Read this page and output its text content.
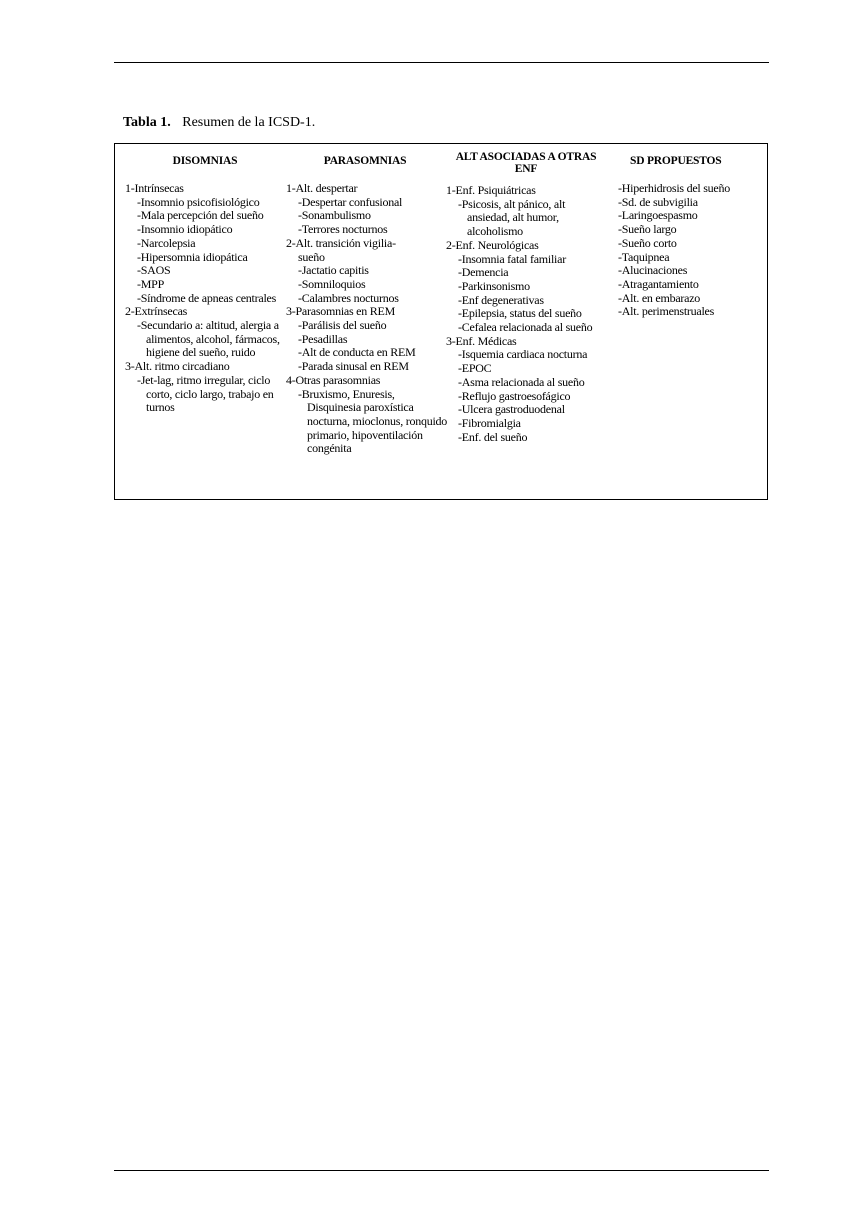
Tabla 1. Resumen de la ICSD-1.
DISOMNIAS
1-Intrínsecas
-Insomnio psicofisiológico
-Mala percepción del sueño
-Insomnio idiopático
-Narcolepsia
-Hipersomnia idiopática
-SAOS
-MPP
-Síndrome de apneas centrales
2-Extrínsecas
-Secundario a: altitud, alergia a alimentos, alcohol, fármacos, higiene del sueño, ruido
3-Alt. ritmo circadiano
-Jet-lag, ritmo irregular, ciclo corto, ciclo largo, trabajo en turnos
PARASOMNIAS
1-Alt. despertar
-Despertar confusional
-Sonambulismo
-Terrores nocturnos
2-Alt. transición vigilia-sueño
-Jactatio capitis
-Somniloquios
-Calambres nocturnos
3-Parasomnias en REM
-Parálisis del sueño
-Pesadillas
-Alt de conducta en REM
-Parada sinusal en REM
4-Otras parasomnias
-Bruxismo, Enuresis, Disquinesia paroxística nocturna, mioclonus, ronquido primario, hipoventilación congénita
ALT ASOCIADAS A OTRAS ENF
1-Enf. Psiquiátricas
-Psicosis, alt pánico, alt ansiedad, alt humor, alcoholismo
2-Enf. Neurológicas
-Insomnia fatal familiar
-Demencia
-Parkinsonismo
-Enf degenerativas
-Epilepsia, status del sueño
-Cefalea relacionada al sueño
3-Enf. Médicas
-Isquemia cardiaca nocturna
-EPOC
-Asma relacionada al sueño
-Reflujo gastroesofágico
-Ulcera gastroduodenal
-Fibromialgia
-Enf. del sueño
SD PROPUESTOS
-Hiperhidrosis del sueño
-Sd. de subvigilia
-Laringoespasmo
-Sueño largo
-Sueño corto
-Taquipnea
-Alucinaciones
-Atragantamiento
-Alt. en embarazo
-Alt. perimenstruales
